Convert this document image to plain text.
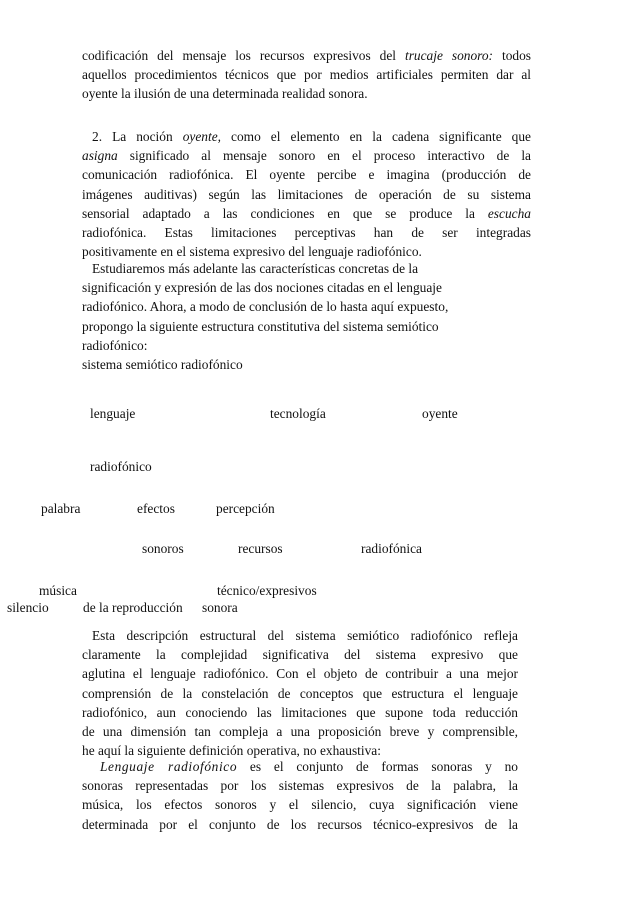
codificación del mensaje los recursos expresivos del trucaje sonoro: todos
aquellos procedimientos técnicos que por medios artificiales permiten dar al
oyente la ilusión de una determinada realidad sonora.
2. La noción oyente, como el elemento en la cadena significante que
asigna significado al mensaje sonoro en el proceso interactivo de la
comunicación radiofónica. El oyente percibe e imagina (producción de
imágenes auditivas) según las limitaciones de operación de su sistema
sensorial adaptado a las condiciones en que se produce la escucha
radiofónica. Estas limitaciones perceptivas han de ser integradas
positivamente en el sistema expresivo del lenguaje radiofónico.
Estudiaremos más adelante las características concretas de la
significación y expresión de las dos nociones citadas en el lenguaje
radiofónico. Ahora, a modo de conclusión de lo hasta aquí expuesto,
propongo la siguiente estructura constitutiva del sistema semiótico
radiofónico:
sistema semiótico radiofónico
lenguaje	tecnología	oyente
radiofónico
palabra	efectos	percepción
sonoros	recursos	radiofónica
música	técnico/expresivos
silencio	de la reproducción sonora
Esta descripción estructural del sistema semiótico radiofónico refleja
claramente la complejidad significativa del sistema expresivo que
aglutina el lenguaje radiofónico. Con el objeto de contribuir a una mejor
comprensión de la constelación de conceptos que estructura el lenguaje
radiofónico, aun conociendo las limitaciones que supone toda reducción
de una dimensión tan compleja a una proposición breve y comprensible,
he aquí la siguiente definición operativa, no exhaustiva:
Lenguaje radiofónico es el conjunto de formas sonoras y no
sonoras representadas por los sistemas expresivos de la palabra, la
música, los efectos sonoros y el silencio, cuya significación viene
determinada por el conjunto de los recursos técnico-expresivos de la
